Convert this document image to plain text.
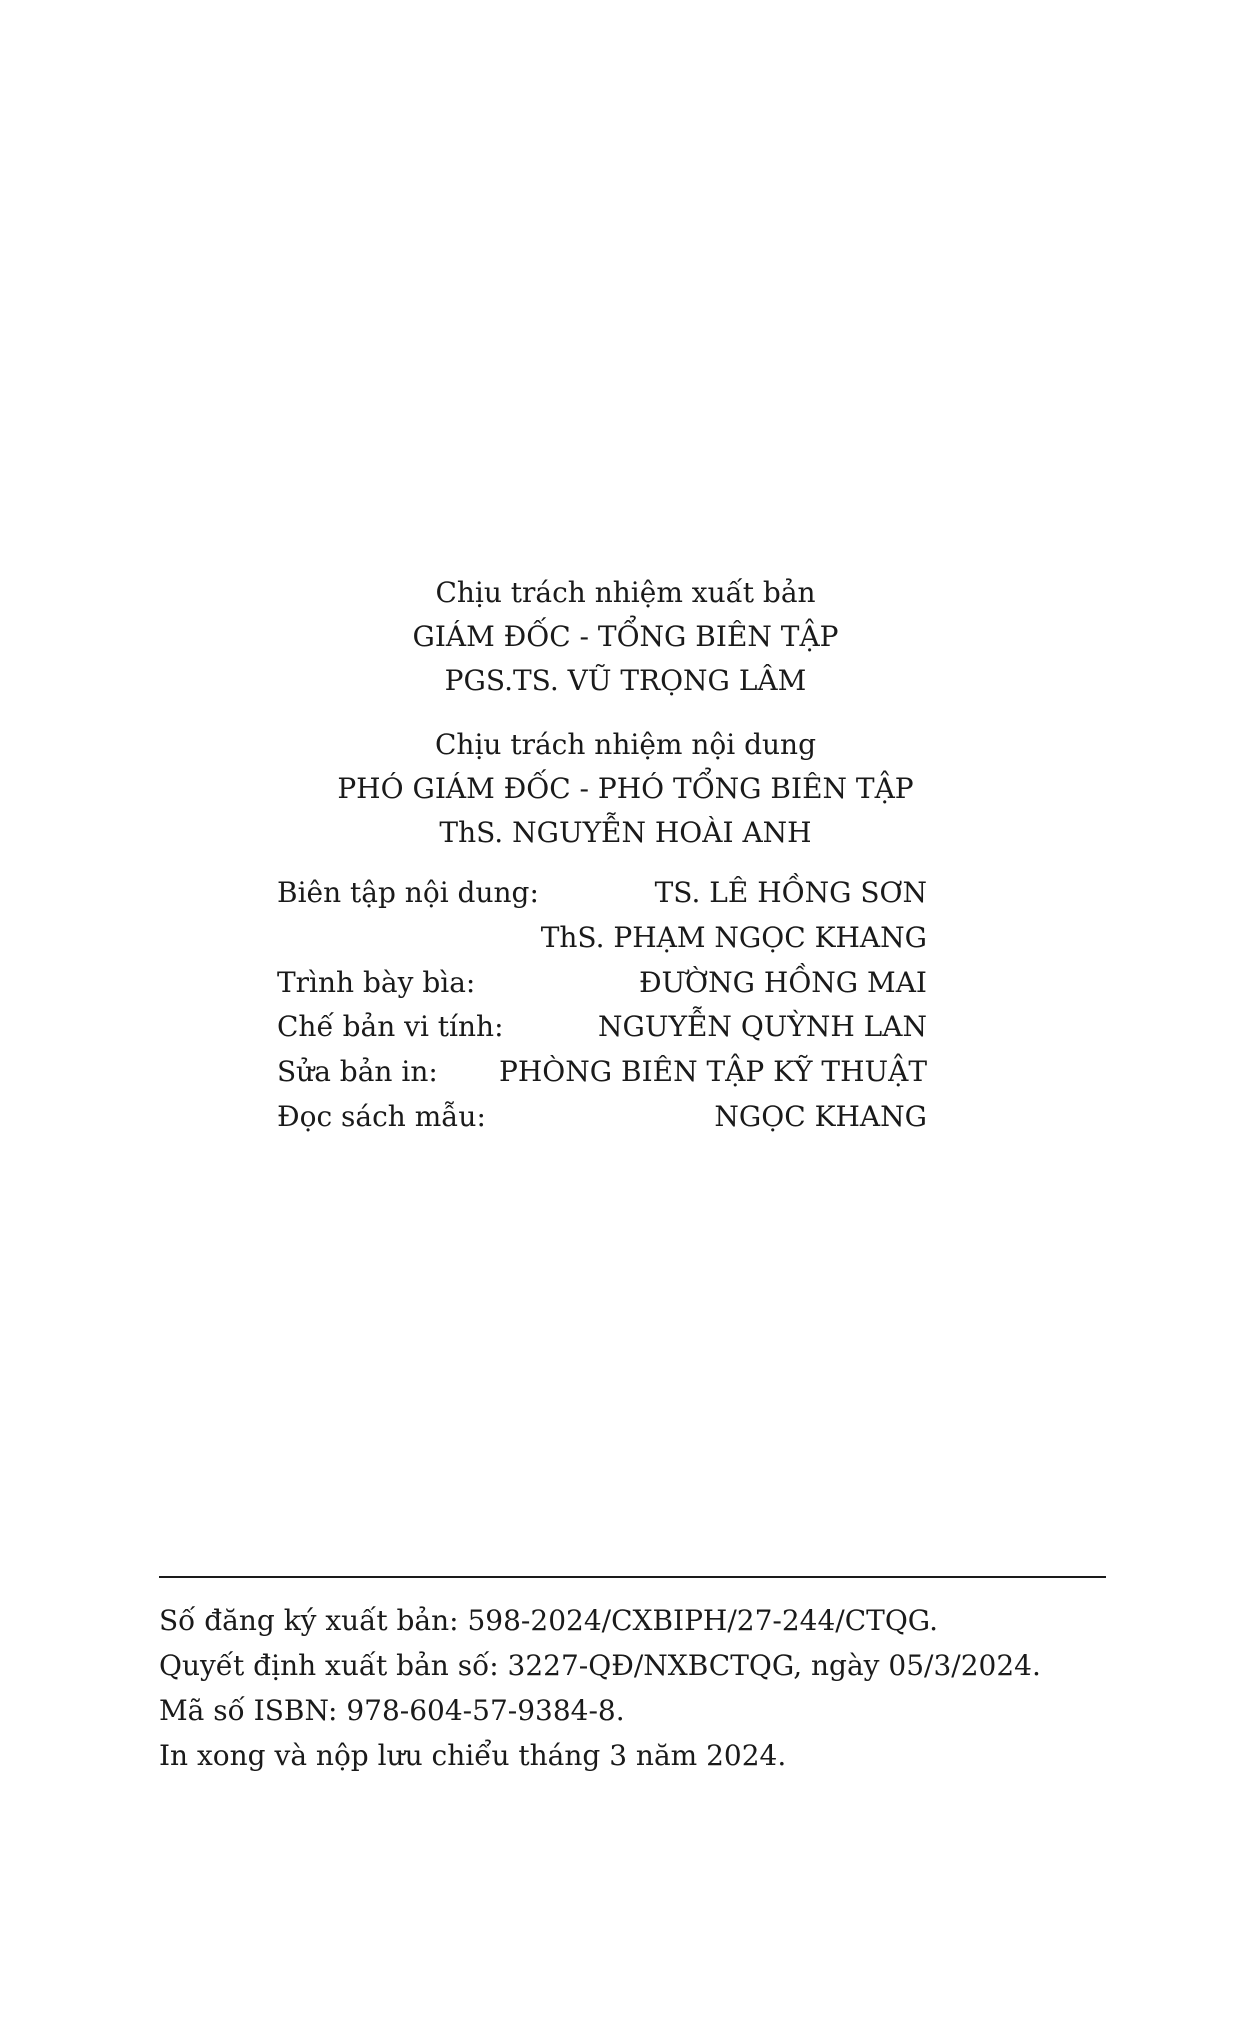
Chịu trách nhiệm xuất bản
GIÁM ĐỐC - TỔNG BIÊN TẬP
PGS.TS. VŨ TRỌNG LÂM
Chịu trách nhiệm nội dung
PHÓ GIÁM ĐỐC - PHÓ TỔNG BIÊN TẬP
ThS. NGUYỄN HOÀI ANH
Biên tập nội dung:	TS. LÊ HỒNG SƠN
ThS. PHẠM NGỌC KHANG
Trình bày bìa:	ĐƯỜNG HỒNG MAI
Chế bản vi tính:	NGUYỄN QUỲNH LAN
Sửa bản in: PHÒNG BIÊN TẬP KỸ THUẬT
Đọc sách mẫu:	NGỌC KHANG
Số đăng ký xuất bản: 598-2024/CXBIPH/27-244/CTQG.
Quyết định xuất bản số: 3227-QĐ/NXBCTQG, ngày 05/3/2024.
Mã số ISBN: 978-604-57-9384-8.
In xong và nộp lưu chiểu tháng 3 năm 2024.
